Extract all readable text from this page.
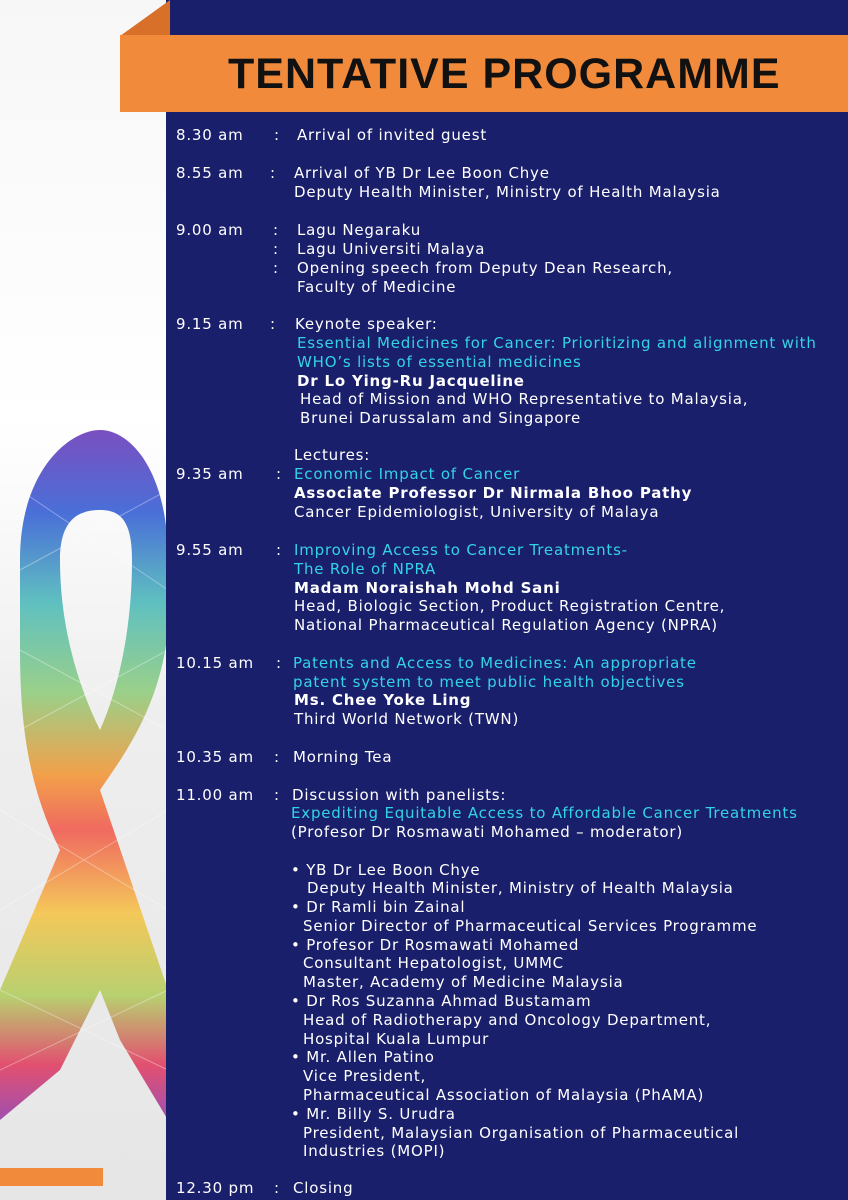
TENTATIVE PROGRAMME
8.30 am : Arrival of invited guest
8.55 am : Arrival of YB Dr Lee Boon Chye
Deputy Health Minister, Ministry of Health Malaysia
9.00 am :
:
:
Lagu Negaraku
Lagu Universiti Malaya
Opening speech from Deputy Dean Research,
Faculty of Medicine
9.15 am : Keynote speaker:
Essential Medicines for Cancer: Prioritizing and alignment with
WHO’s lists of essential medicines
Dr Lo Ying-Ru Jacqueline
Head of Mission and WHO Representative to Malaysia,
Brunei Darussalam and Singapore
Lectures:
9.35 am : Economic Impact of Cancer
Associate Professor Dr Nirmala Bhoo Pathy
Cancer Epidemiologist, University of Malaya
9.55 am : Improving Access to Cancer Treatments-
The Role of NPRA
Madam Noraishah Mohd Sani
Head, Biologic Section, Product Registration Centre,
National Pharmaceutical Regulation Agency (NPRA)
10.15 am : Patents and Access to Medicines: An appropriate
patent system to meet public health objectives
Ms. Chee Yoke Ling
Third World Network (TWN)
10.35 am : Morning Tea
11.00 am : Discussion with panelists:
Expediting Equitable Access to Affordable Cancer Treatments
(Profesor Dr Rosmawati Mohamed – moderator)
• YB Dr Lee Boon Chye
Deputy Health Minister, Ministry of Health Malaysia
• Dr Ramli bin Zainal
Senior Director of Pharmaceutical Services Programme
• Profesor Dr Rosmawati Mohamed
Consultant Hepatologist, UMMC
Master, Academy of Medicine Malaysia
• Dr Ros Suzanna Ahmad Bustamam
Head of Radiotherapy and Oncology Department,
Hospital Kuala Lumpur
• Mr. Allen Patino
Vice President,
Pharmaceutical Association of Malaysia (PhAMA)
• Mr. Billy S. Urudra
President, Malaysian Organisation of Pharmaceutical
Industries (MOPI)
12.30 pm : Closing
